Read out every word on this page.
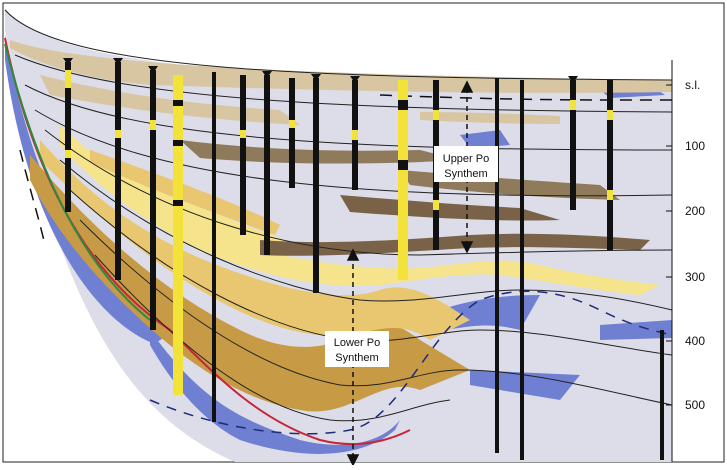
Upper Po
Synthem
Lower Po
Synthem
s.l.
100
200
300
400
500
